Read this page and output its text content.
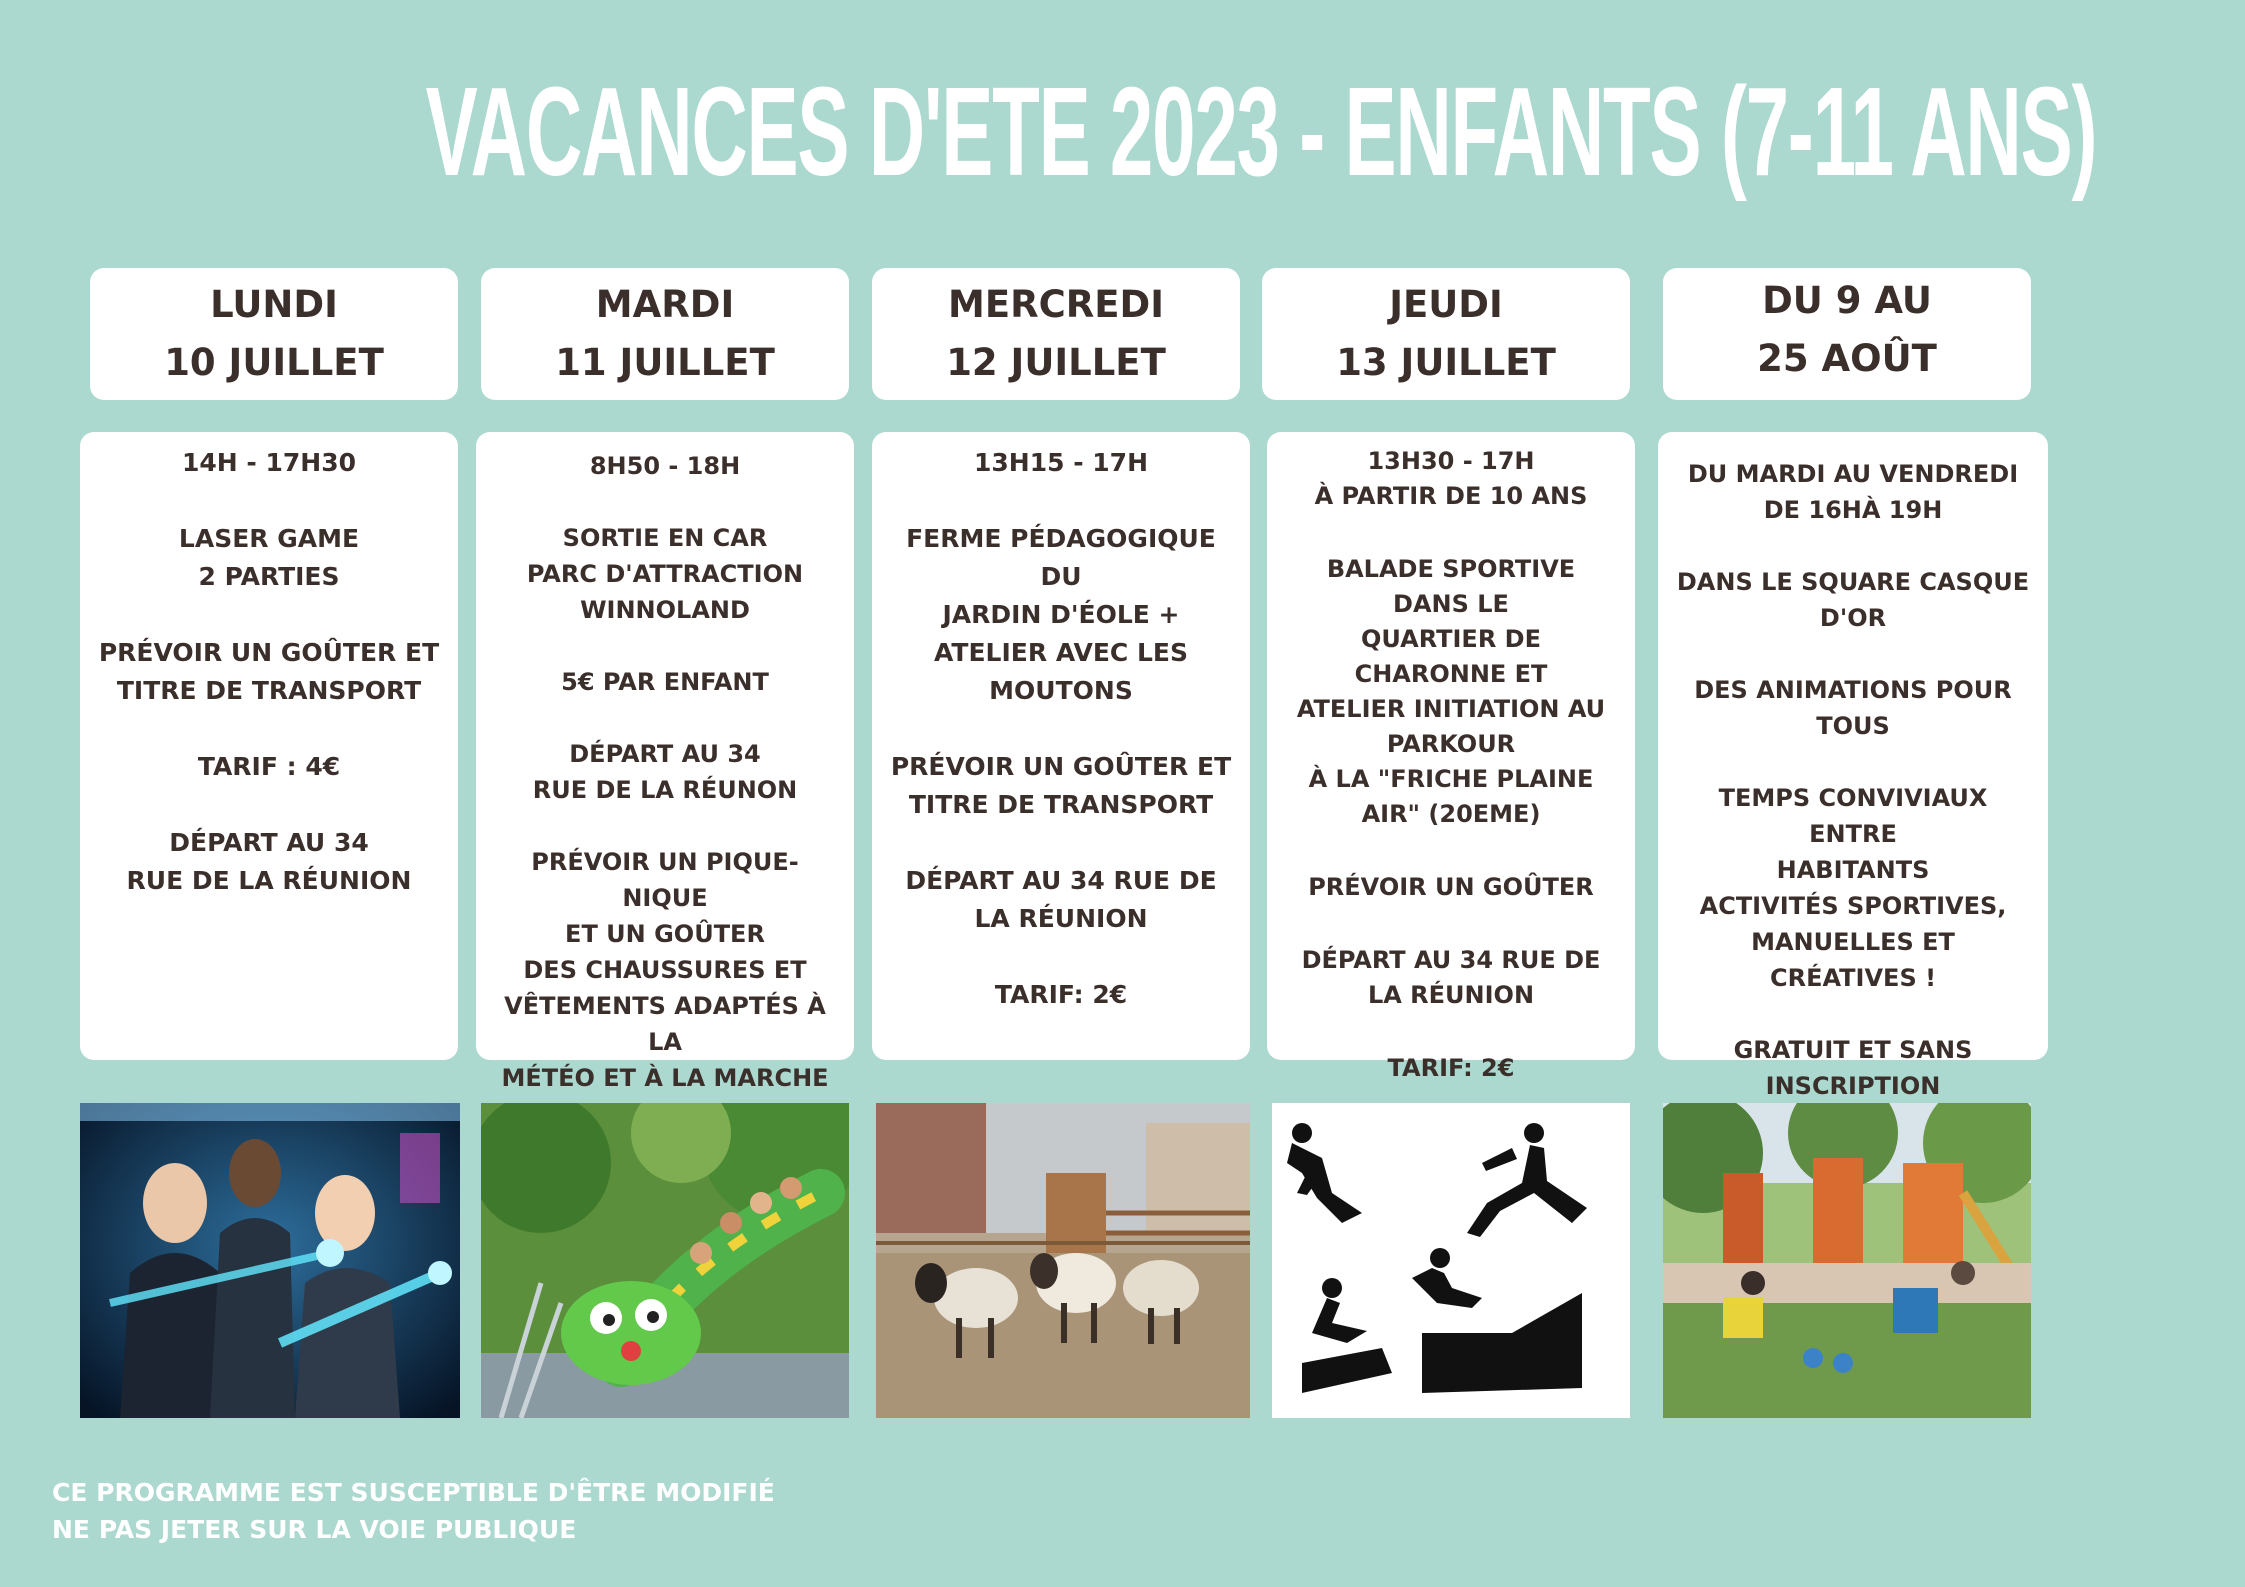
VACANCES D'ETE 2023 - ENFANTS (7-11 ANS)
LUNDI
10 JUILLET

14H - 17H30

LASER GAME
2 PARTIES

PRÉVOIR UN GOÛTER ET
TITRE DE TRANSPORT

TARIF : 4€

DÉPART AU 34
RUE DE LA RÉUNION

MARDI
11 JUILLET

8H50 - 18H

SORTIE EN CAR
PARC D'ATTRACTION
WINNOLAND

5€ PAR ENFANT

DÉPART AU 34
RUE DE LA RÉUNON

PRÉVOIR UN PIQUE-NIQUE
ET UN GOÛTER
DES CHAUSSURES ET
VÊTEMENTS ADAPTÉS À LA
MÉTÉO ET À LA MARCHE

MERCREDI
12 JUILLET

13H15 - 17H

FERME PÉDAGOGIQUE DU
JARDIN D'ÉOLE +
ATELIER AVEC LES
MOUTONS

PRÉVOIR UN GOÛTER ET
TITRE DE TRANSPORT

DÉPART AU 34 RUE DE
LA RÉUNION

TARIF: 2€

JEUDI
13 JUILLET

13H30 - 17H
À PARTIR DE 10 ANS

BALADE SPORTIVE DANS LE
QUARTIER DE CHARONNE ET
ATELIER INITIATION AU
PARKOUR
À LA "FRICHE PLAINE
AIR" (20EME)

PRÉVOIR UN GOÛTER

DÉPART AU 34 RUE DE
LA RÉUNION

TARIF: 2€

DU 9 AU
25 AOÛT

DU MARDI AU VENDREDI
DE 16HÀ 19H

DANS LE SQUARE CASQUE
D'OR

DES ANIMATIONS POUR
TOUS

TEMPS CONVIVIAUX ENTRE
HABITANTS
ACTIVITÉS SPORTIVES,
MANUELLES ET CRÉATIVES !

GRATUIT ET SANS
INSCRIPTION

CE PROGRAMME EST SUSCEPTIBLE D'ÊTRE MODIFIÉ
NE PAS JETER SUR LA VOIE PUBLIQUE
